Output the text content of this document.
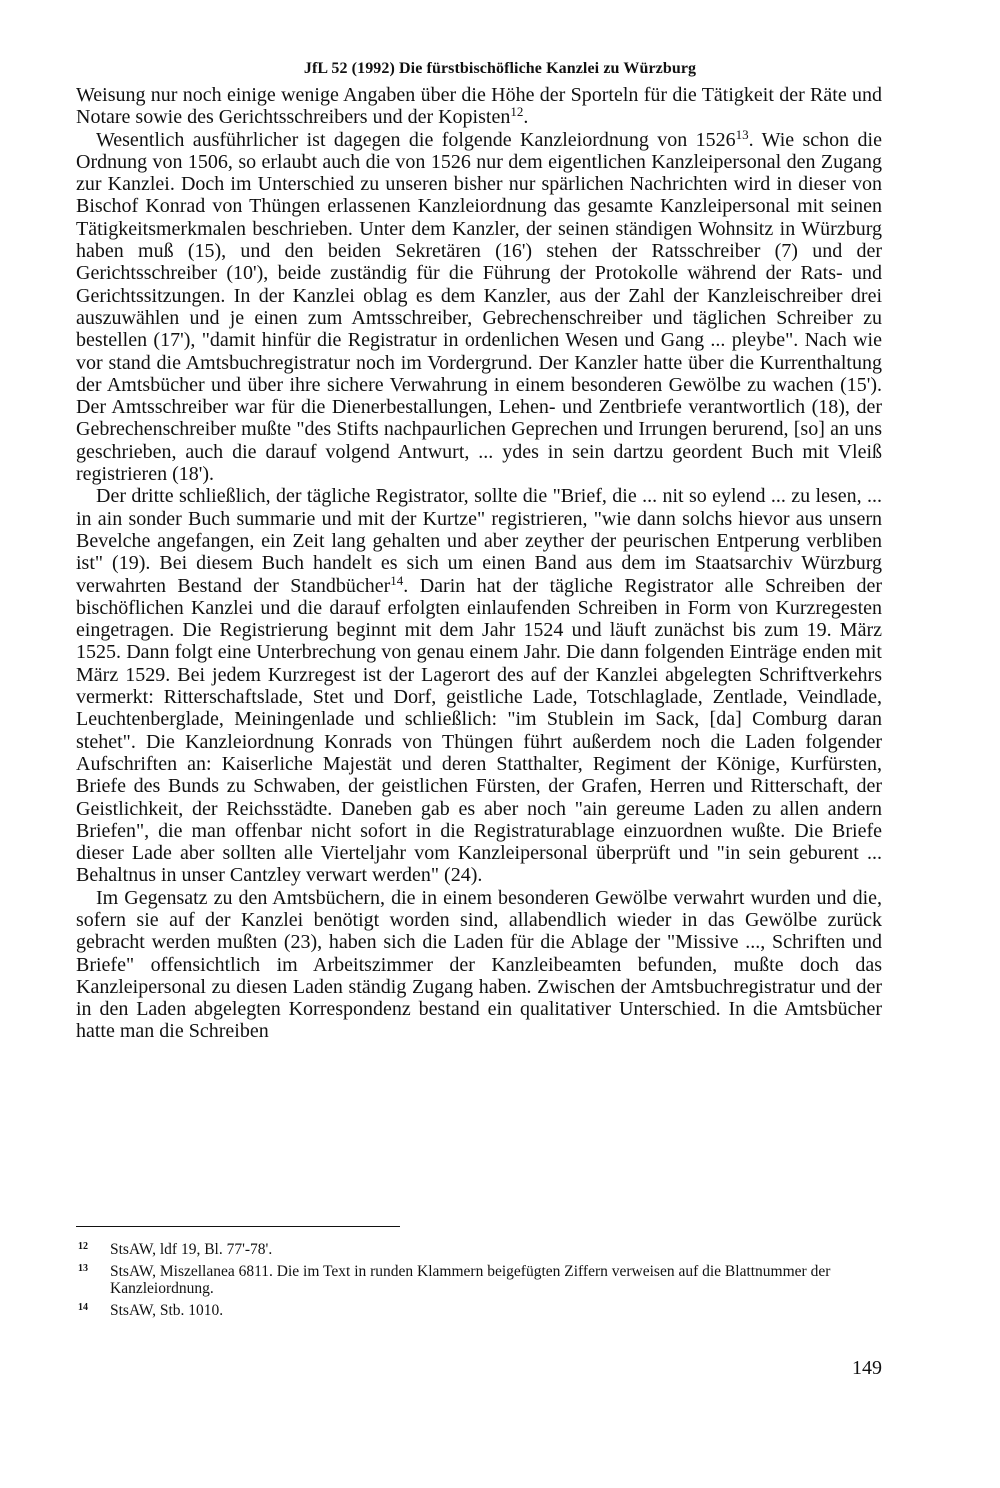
JfL 52 (1992) Die fürstbischöfliche Kanzlei zu Würzburg

Weisung nur noch einige wenige Angaben über die Höhe der Sporteln für die Tätigkeit der Räte und Notare sowie des Gerichtsschreibers und der Kopisten$^{12}$.

Wesentlich ausführlicher ist dagegen die folgende Kanzleiordnung von 1526$^{13}$. Wie schon die Ordnung von 1506, so erlaubt auch die von 1526 nur dem eigentlichen Kanzleipersonal den Zugang zur Kanzlei. Doch im Unterschied zu unseren bisher nur spärlichen Nachrichten wird in dieser von Bischof Konrad von Thüngen erlassenen Kanzleiordnung das gesamte Kanzleipersonal mit seinen Tätigkeitsmerkmalen beschrieben. Unter dem Kanzler, der seinen ständigen Wohnsitz in Würzburg haben muß (15), und den beiden Sekretären (16') stehen der Ratsschreiber (7) und der Gerichtsschreiber (10'), beide zuständig für die Führung der Protokolle während der Rats- und Gerichtssitzungen. In der Kanzlei oblag es dem Kanzler, aus der Zahl der Kanzleischreiber drei auszuwählen und je einen zum Amtsschreiber, Gebrechenschreiber und täglichen Schreiber zu bestellen (17'), "damit hinfür die Registratur in ordenlichen Wesen und Gang ... pleybe". Nach wie vor stand die Amtsbuchregistratur noch im Vordergrund. Der Kanzler hatte über die Kurrenthaltung der Amtsbücher und über ihre sichere Verwahrung in einem besonderen Gewölbe zu wachen (15'). Der Amtsschreiber war für die Dienerbestallungen, Lehen- und Zentbriefe verantwortlich (18), der Gebrechenschreiber mußte "des Stifts nachpaurlichen Geprechen und Irrungen berurend, [so] an uns geschrieben, auch die darauf volgend Antwurt, ... ydes in sein dartzu geordent Buch mit Vleiß registrieren (18').

Der dritte schließlich, der tägliche Registrator, sollte die "Brief, die ... nit so eylend ... zu lesen, ... in ain sonder Buch summarie und mit der Kurtze" registrieren, "wie dann solchs hievor aus unsern Bevelche angefangen, ein Zeit lang gehalten und aber zeyther der peurischen Entperung verbliben ist" (19). Bei diesem Buch handelt es sich um einen Band aus dem im Staatsarchiv Würzburg verwahrten Bestand der Standbücher$^{14}$. Darin hat der tägliche Registrator alle Schreiben der bischöflichen Kanzlei und die darauf erfolgten einlaufenden Schreiben in Form von Kurzregesten eingetragen. Die Registrierung beginnt mit dem Jahr 1524 und läuft zunächst bis zum 19. März 1525. Dann folgt eine Unterbrechung von genau einem Jahr. Die dann folgenden Einträge enden mit März 1529. Bei jedem Kurzregest ist der Lagerort des auf der Kanzlei abgelegten Schriftverkehrs vermerkt: Ritterschaftslade, Stet und Dorf, geistliche Lade, Totschlaglade, Zentlade, Veindlade, Leuchtenberglade, Meiningenlade und schließlich: "im Stublein im Sack, [da] Comburg daran stehet". Die Kanzleiordnung Konrads von Thüngen führt außerdem noch die Laden folgender Aufschriften an: Kaiserliche Majestät und deren Statthalter, Regiment der Könige, Kurfürsten, Briefe des Bunds zu Schwaben, der geistlichen Fürsten, der Grafen, Herren und Ritterschaft, der Geistlichkeit, der Reichsstädte. Daneben gab es aber noch "ain gereume Laden zu allen andern Briefen", die man offenbar nicht sofort in die Registraturablage einzuordnen wußte. Die Briefe dieser Lade aber sollten alle Vierteljahr vom Kanzleipersonal überprüft und "in sein geburent ... Behaltnus in unser Cantzley verwart werden" (24).

Im Gegensatz zu den Amtsbüchern, die in einem besonderen Gewölbe verwahrt wurden und die, sofern sie auf der Kanzlei benötigt worden sind, allabendlich wieder in das Gewölbe zurück gebracht werden mußten (23), haben sich die Laden für die Ablage der "Missive ..., Schriften und Briefe" offensichtlich im Arbeitszimmer der Kanzleibeamten befunden, mußte doch das Kanzleipersonal zu diesen Laden ständig Zugang haben. Zwischen der Amtsbuchregistratur und der in den Laden abgelegten Korrespondenz bestand ein qualitativer Unterschied. In die Amtsbücher hatte man die Schreiben

12	StsAW, ldf 19, Bl. 77'-78'.
13	StsAW, Miszellanea 6811. Die im Text in runden Klammern beigefügten Ziffern verweisen auf die Blattnummer der Kanzleiordnung.
14	StsAW, Stb. 1010.
149
